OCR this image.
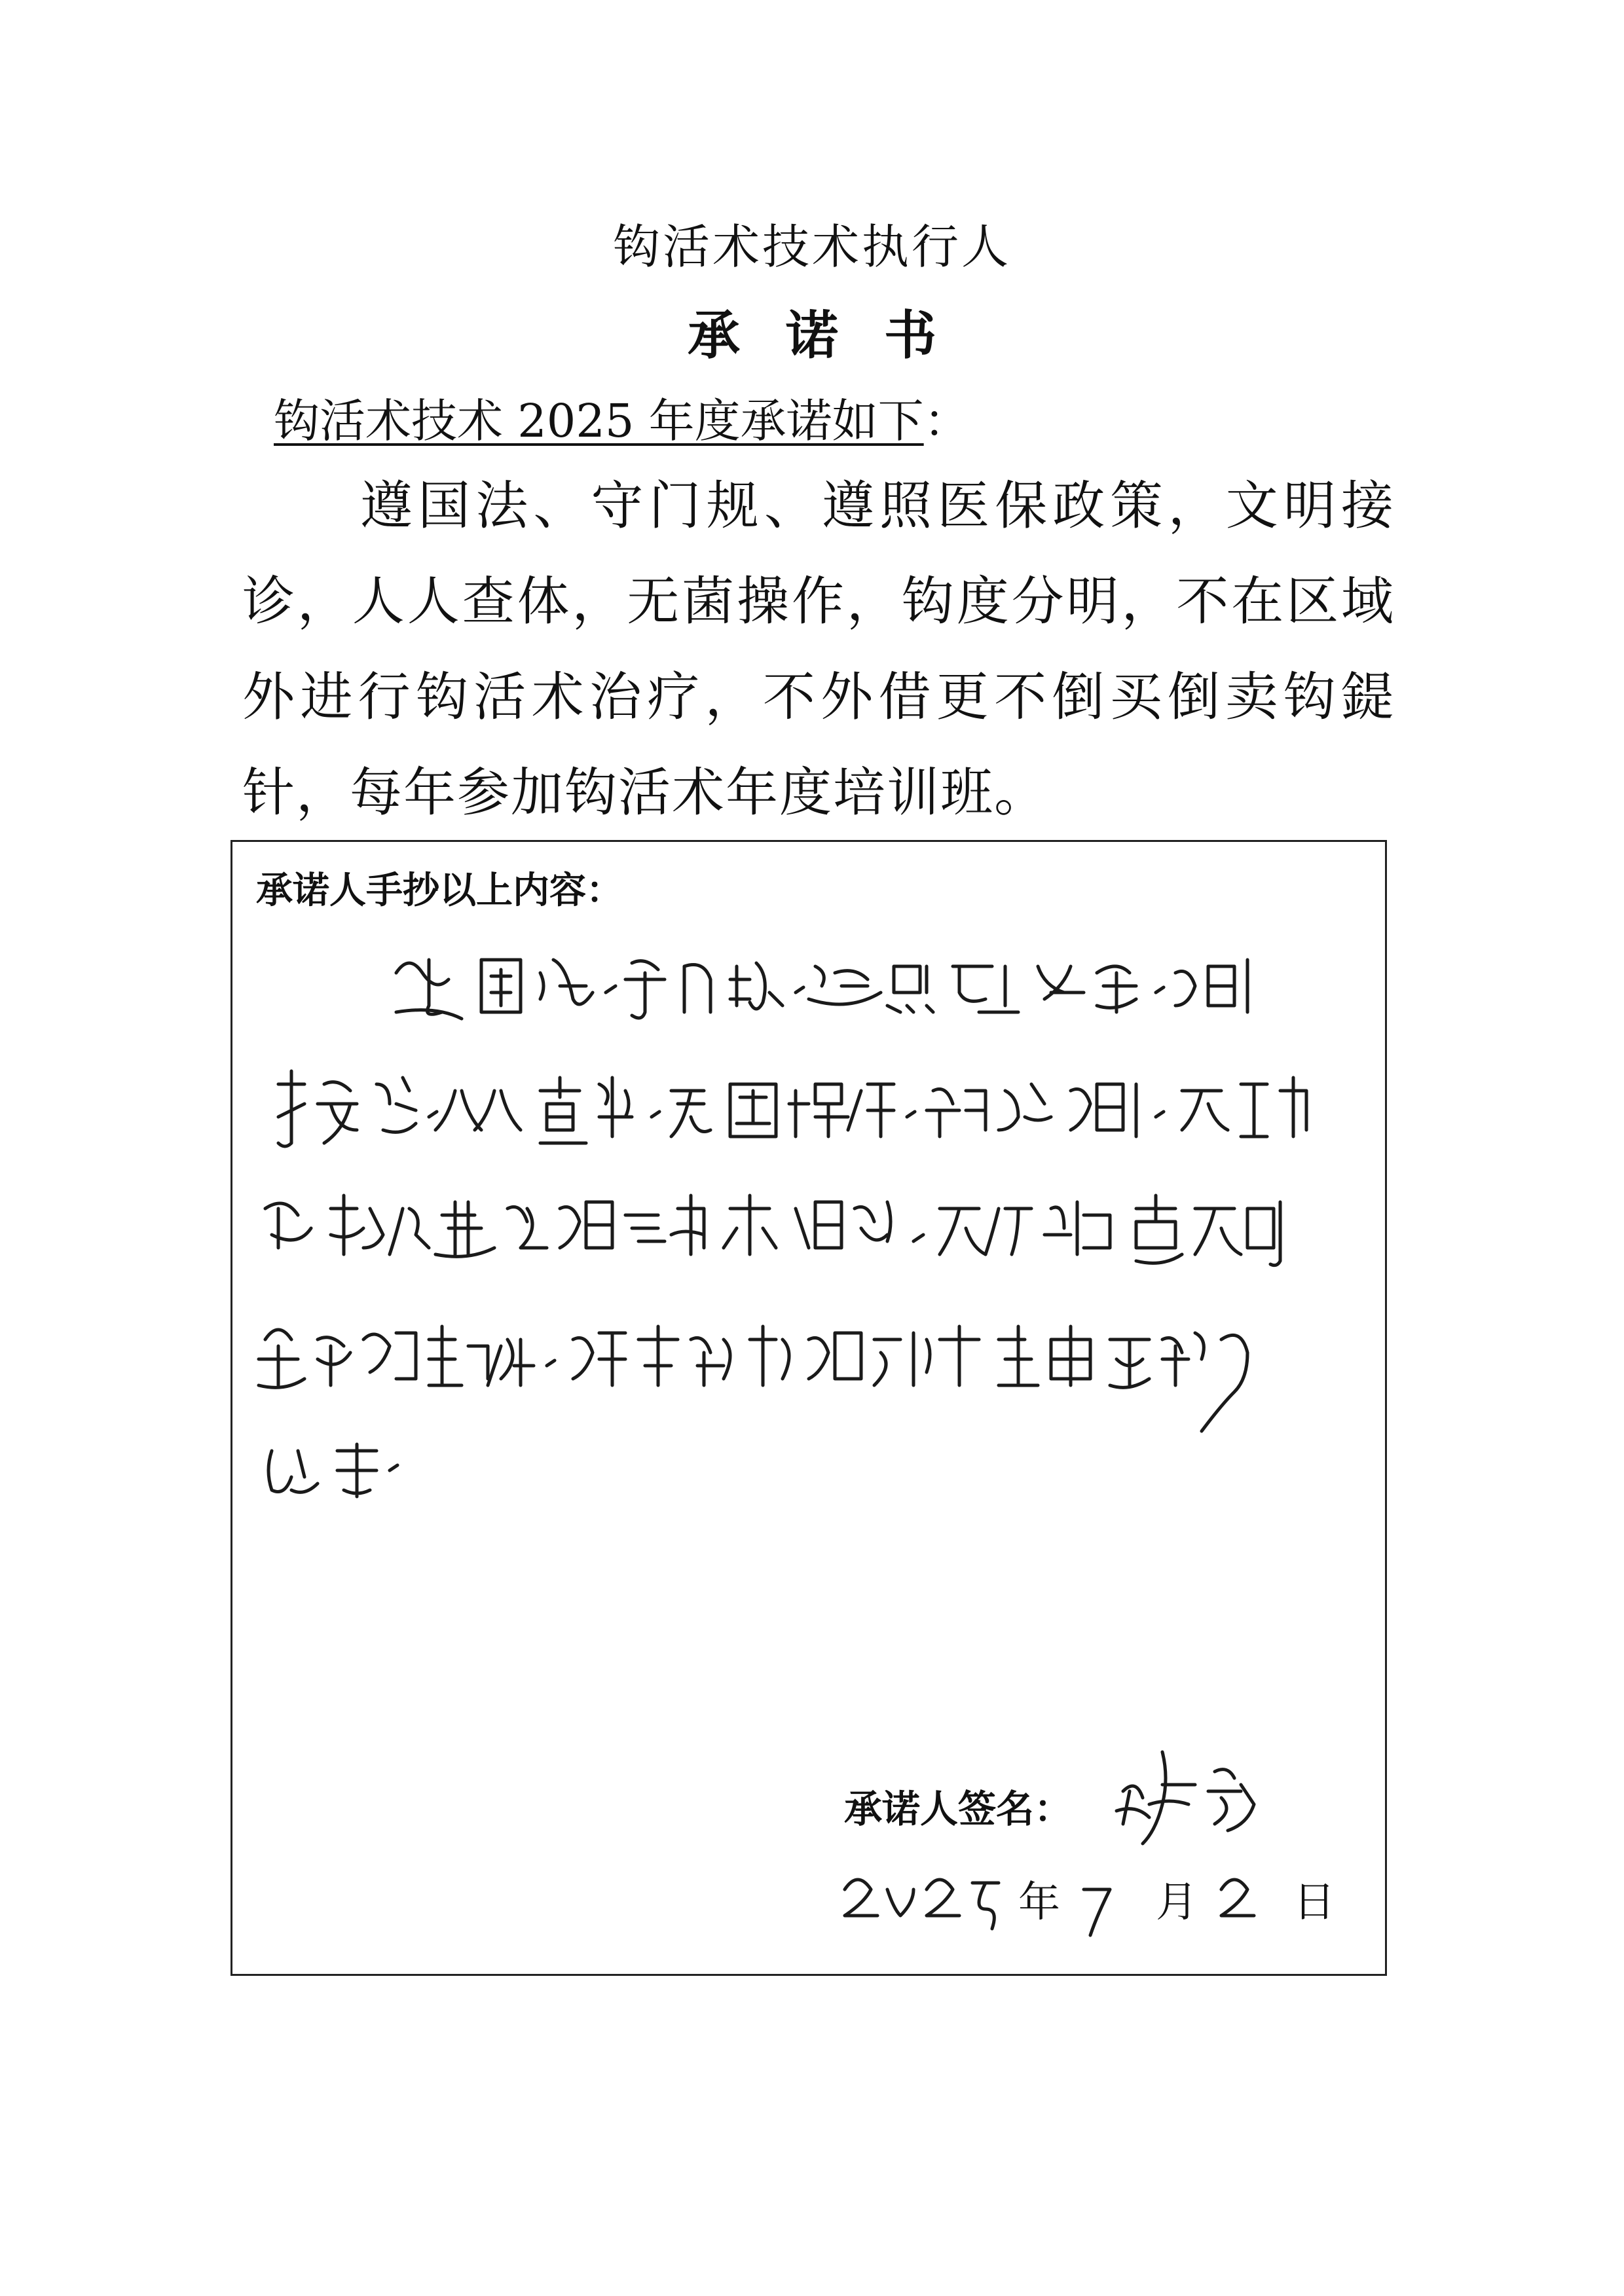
钩活术技术执行人
承诺书
钩活术技术 2025 年度承诺如下：
遵国法、守门规、遵照医保政策，文明接诊，人人查体，无菌操作，钩度分明，不在区域外进行钩活术治疗，不外借更不倒买倒卖钩鍉针，每年参加钩活术年度培训班。
承诺人手抄以上内容：
承诺人签名：
年 月 日
